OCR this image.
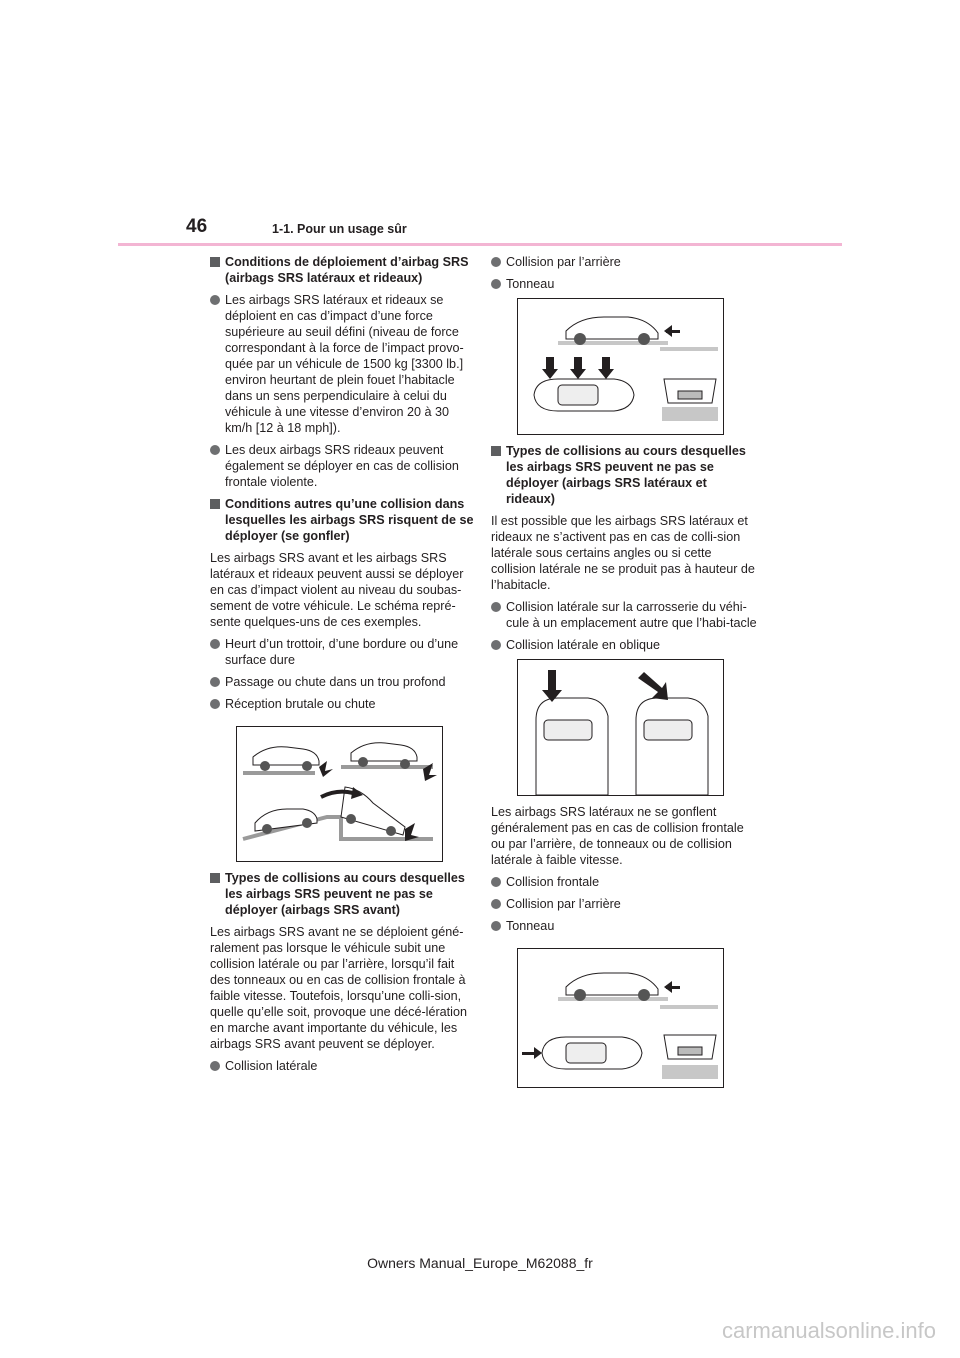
46	1-1. Pour un usage sûr
Conditions de déploiement d’airbag SRS (airbags SRS latéraux et rideaux)
Les airbags SRS latéraux et rideaux se déploient en cas d’impact d’une force supérieure au seuil défini (niveau de force correspondant à la force de l’impact provo-quée par un véhicule de 1500 kg [3300 lb.] environ heurtant de plein fouet l’habitacle dans un sens perpendiculaire à celui du véhicule à une vitesse d’environ 20 à 30 km/h [12 à 18 mph]).
Les deux airbags SRS rideaux peuvent également se déployer en cas de collision frontale violente.
Conditions autres qu’une collision dans lesquelles les airbags SRS risquent de se déployer (se gonfler)
Les airbags SRS avant et les airbags SRS latéraux et rideaux peuvent aussi se déployer en cas d’impact violent au niveau du soubas-sement de votre véhicule. Le schéma repré-sente quelques-uns de ces exemples.
Heurt d’un trottoir, d’une bordure ou d’une surface dure
Passage ou chute dans un trou profond
Réception brutale ou chute
Types de collisions au cours desquelles les airbags SRS peuvent ne pas se déployer (airbags SRS avant)
Les airbags SRS avant ne se déploient géné-ralement pas lorsque le véhicule subit une collision latérale ou par l’arrière, lorsqu’il fait des tonneaux ou en cas de collision frontale à faible vitesse. Toutefois, lorsqu’une colli-sion, quelle qu’elle soit, provoque une décé-lération en marche avant importante du véhicule, les airbags SRS avant peuvent se déployer.
Collision latérale
Collision par l’arrière
Tonneau
Types de collisions au cours desquelles les airbags SRS peuvent ne pas se déployer (airbags SRS latéraux et rideaux)
Il est possible que les airbags SRS latéraux et rideaux ne s’activent pas en cas de colli-sion latérale sous certains angles ou si cette collision latérale ne se produit pas à hauteur de l’habitacle.
Collision latérale sur la carrosserie du véhi-cule à un emplacement autre que l’habi-tacle
Collision latérale en oblique
Les airbags SRS latéraux ne se gonflent généralement pas en cas de collision frontale ou par l’arrière, de tonneaux ou de collision latérale à faible vitesse.
Collision frontale
Collision par l’arrière
Tonneau
Owners Manual_Europe_M62088_fr
carmanualsonline.info
